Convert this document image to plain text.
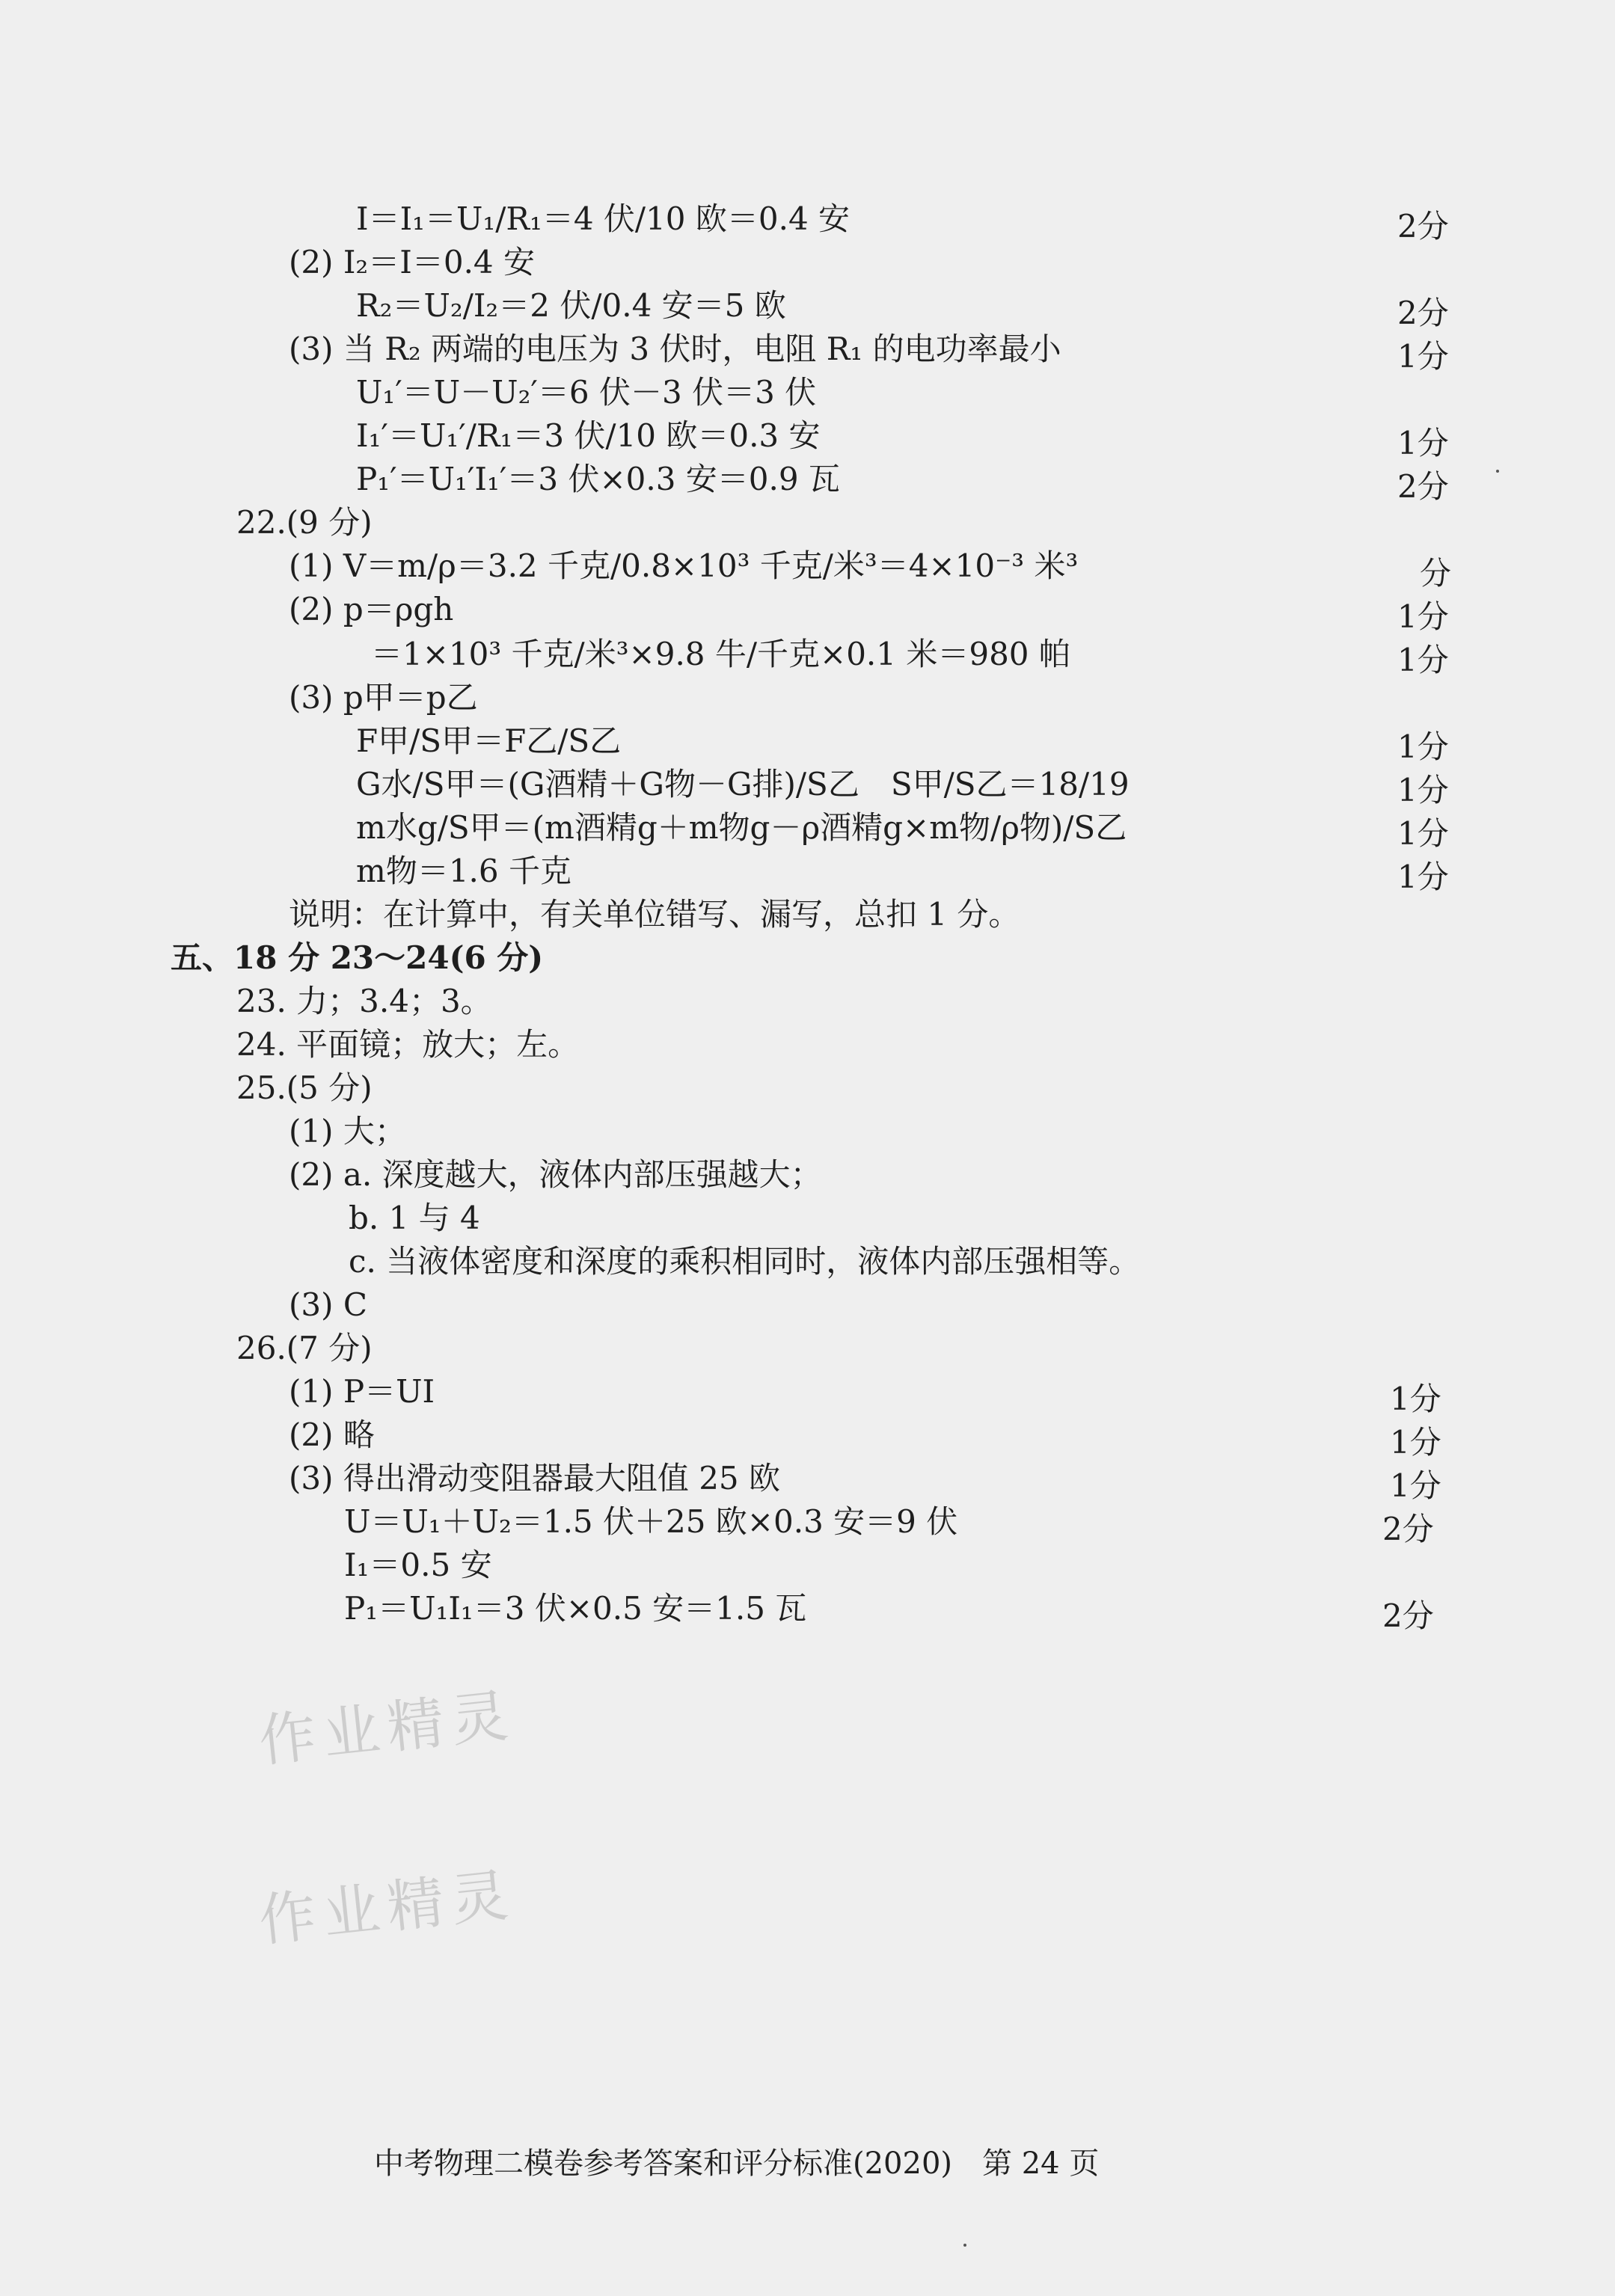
I＝I₁＝U₁/R₁＝4 伏/10 欧＝0.4 安	2分
(2) I₂＝I＝0.4 安
R₂＝U₂/I₂＝2 伏/0.4 安＝5 欧	2分
(3) 当 R₂ 两端的电压为 3 伏时，电阻 R₁ 的电功率最小	1分
U₁′＝U－U₂′＝6 伏－3 伏＝3 伏
I₁′＝U₁′/R₁＝3 伏/10 欧＝0.3 安	1分
P₁′＝U₁′I₁′＝3 伏×0.3 安＝0.9 瓦	2分
22.(9 分)
(1) V＝m/ρ＝3.2 千克/0.8×10³ 千克/米³＝4×10⁻³ 米³	分
(2) p＝ρgh	1分
＝1×10³ 千克/米³×9.8 牛/千克×0.1 米＝980 帕	1分
(3) p甲＝p乙
F甲/S甲＝F乙/S乙	1分
G水/S甲＝(G酒精＋G物－G排)/S乙　S甲/S乙＝18/19	1分
m水g/S甲＝(m酒精g＋m物g－ρ酒精g×m物/ρ物)/S乙	1分
m物＝1.6 千克	1分
说明：在计算中，有关单位错写、漏写，总扣 1 分。
五、18 分 23～24(6 分)
23. 力；3.4；3。
24. 平面镜；放大；左。
25.(5 分)
(1) 大；
(2) a. 深度越大，液体内部压强越大；
b. 1 与 4
c. 当液体密度和深度的乘积相同时，液体内部压强相等。
(3) C
26.(7 分)
(1) P＝UI	1分
(2) 略	1分
(3) 得出滑动变阻器最大阻值 25 欧	1分
U＝U₁＋U₂＝1.5 伏＋25 欧×0.3 安＝9 伏	2分
I₁＝0.5 安
P₁＝U₁I₁＝3 伏×0.5 安＝1.5 瓦	2分
作业精灵
作业精灵
中考物理二模卷参考答案和评分标准(2020)　第 24 页
